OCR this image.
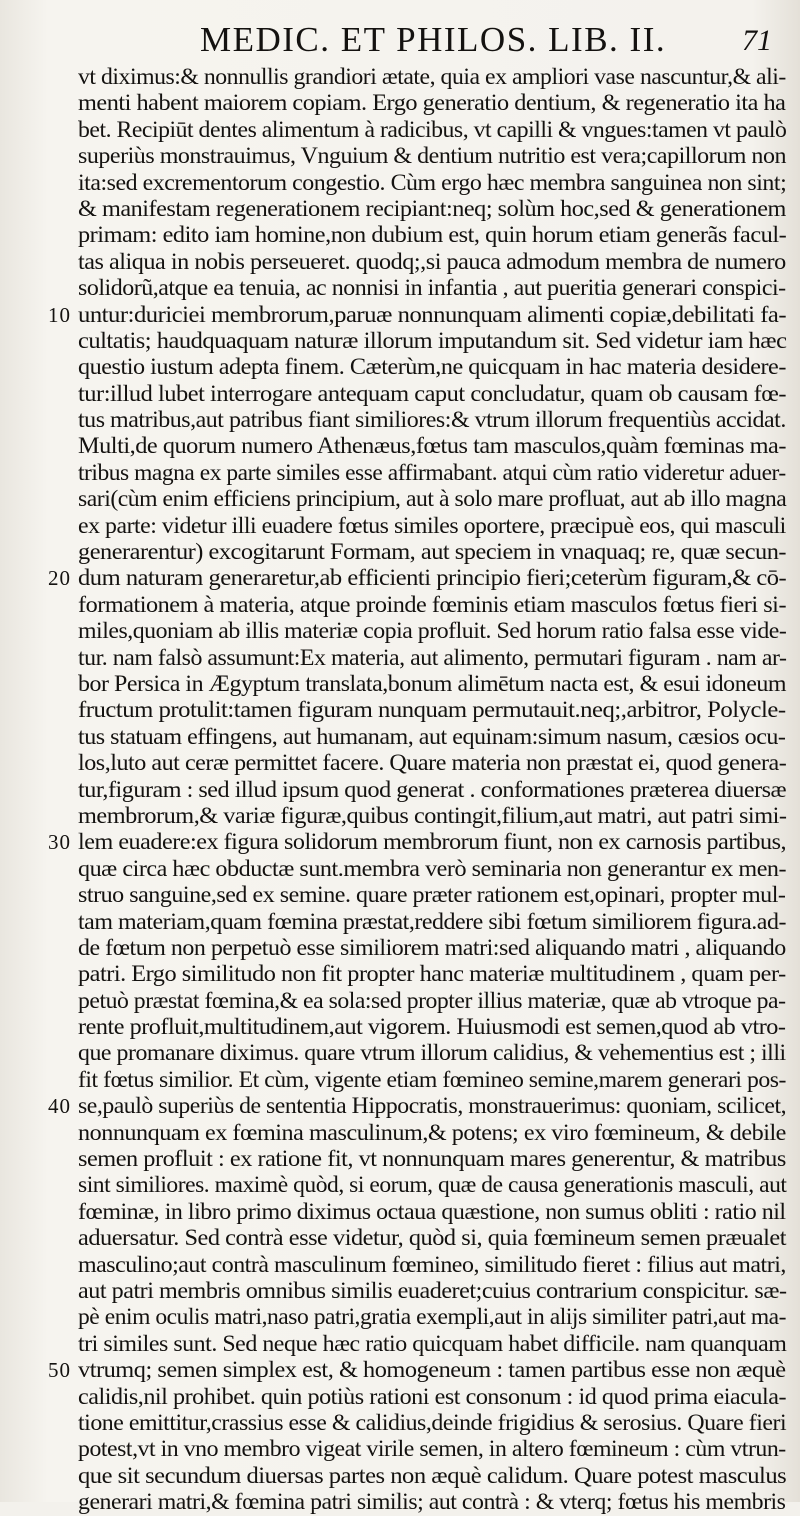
MEDIC. ET PHILOS. LIB. II.	71
vt diximus:& nonnullis grandiori ætate, quia ex ampliori vase nascuntur,& ali-
menti habent maiorem copiam. Ergo generatio dentium, & regeneratio ita ha
bet. Recipiūt dentes alimentum à radicibus, vt capilli & vngues:tamen vt paulò
superiùs monstrauimus, Vnguium & dentium nutritio est vera;capillorum non
ita:sed excrementorum congestio. Cùm ergo hæc membra sanguinea non sint;
& manifestam regenerationem recipiant:neq; solùm hoc,sed & generationem
primam: edito iam homine,non dubium est, quin horum etiam generãs facul-
tas aliqua in nobis perseueret. quodq;,si pauca admodum membra de numero
solidorũ,atque ea tenuia, ac nonnisi in infantia , aut pueritia generari conspici-
10 untur:duriciei membrorum,paruæ nonnunquam alimenti copiæ,debilitati fa-
cultatis; haudquaquam naturæ illorum imputandum sit. Sed videtur iam hæc
questio iustum adepta finem. Cæterùm,ne quicquam in hac materia desidere-
tur:illud lubet interrogare antequam caput concludatur, quam ob causam fœ-
tus matribus,aut patribus fiant similiores:& vtrum illorum frequentiùs accidat.
Multi,de quorum numero Athenæus,fœtus tam masculos,quàm fœminas ma-
tribus magna ex parte similes esse affirmabant. atqui cùm ratio videretur aduer-
sari(cùm enim efficiens principium, aut à solo mare profluat, aut ab illo magna
ex parte: videtur illi euadere fœtus similes oportere, præcipuè eos, qui masculi
generarentur) excogitarunt Formam, aut speciem in vnaquaq; re, quæ secun-
20 dum naturam generaretur,ab efficienti principio fieri;ceterùm figuram,& cō-
formationem à materia, atque proinde fœminis etiam masculos fœtus fieri si-
miles,quoniam ab illis materiæ copia profluit. Sed horum ratio falsa esse vide-
tur. nam falsò assumunt:Ex materia, aut alimento, permutari figuram . nam ar-
bor Persica in Ægyptum translata,bonum alimētum nacta est, & esui idoneum
fructum protulit:tamen figuram nunquam permutauit.neq;,arbitror, Polycle-
tus statuam effingens, aut humanam, aut equinam:simum nasum, cæsios ocu-
los,luto aut ceræ permittet facere. Quare materia non præstat ei, quod genera-
tur,figuram : sed illud ipsum quod generat . conformationes præterea diuersæ
membrorum,& variæ figuræ,quibus contingit,filium,aut matri, aut patri simi-
30 lem euadere:ex figura solidorum membrorum fiunt, non ex carnosis partibus,
quæ circa hæc obductæ sunt.membra verò seminaria non generantur ex men-
struo sanguine,sed ex semine. quare præter rationem est,opinari, propter mul-
tam materiam,quam fœmina præstat,reddere sibi fœtum similiorem figura.ad-
de fœtum non perpetuò esse similiorem matri:sed aliquando matri , aliquando
patri. Ergo similitudo non fit propter hanc materiæ multitudinem , quam per-
petuò præstat fœmina,& ea sola:sed propter illius materiæ, quæ ab vtroque pa-
rente profluit,multitudinem,aut vigorem. Huiusmodi est semen,quod ab vtro-
que promanare diximus. quare vtrum illorum calidius, & vehementius est ; illi
fit fœtus similior. Et cùm, vigente etiam fœmineo semine,marem generari pos-
40 se,paulò superiùs de sententia Hippocratis, monstrauerimus: quoniam, scilicet,
nonnunquam ex fœmina masculinum,& potens; ex viro fœmineum, & debile
semen profluit : ex ratione fit, vt nonnunquam mares generentur, & matribus
sint similiores. maximè quòd, si eorum, quæ de causa generationis masculi, aut
fœminæ, in libro primo diximus octaua quæstione, non sumus obliti : ratio nil
aduersatur. Sed contrà esse videtur, quòd si, quia fœmineum semen præualet
masculino;aut contrà masculinum fœmineo, similitudo fieret : filius aut matri,
aut patri membris omnibus similis euaderet;cuius contrarium conspicitur. sæ-
pè enim oculis matri,naso patri,gratia exempli,aut in alijs similiter patri,aut ma-
tri similes sunt. Sed neque hæc ratio quicquam habet difficile. nam quanquam
50 vtrumq; semen simplex est, & homogeneum : tamen partibus esse non æquè
calidis,nil prohibet. quin potiùs rationi est consonum : id quod prima eiacula-
tione emittitur,crassius esse & calidius,deinde frigidius & serosius. Quare fieri
potest,vt in vno membro vigeat virile semen, in altero fœmineum : cùm vtrun-
que sit secundum diuersas partes non æquè calidum. Quare potest masculus
generari matri,& fœmina patri similis; aut contrà : & vterq; fœtus his membris
